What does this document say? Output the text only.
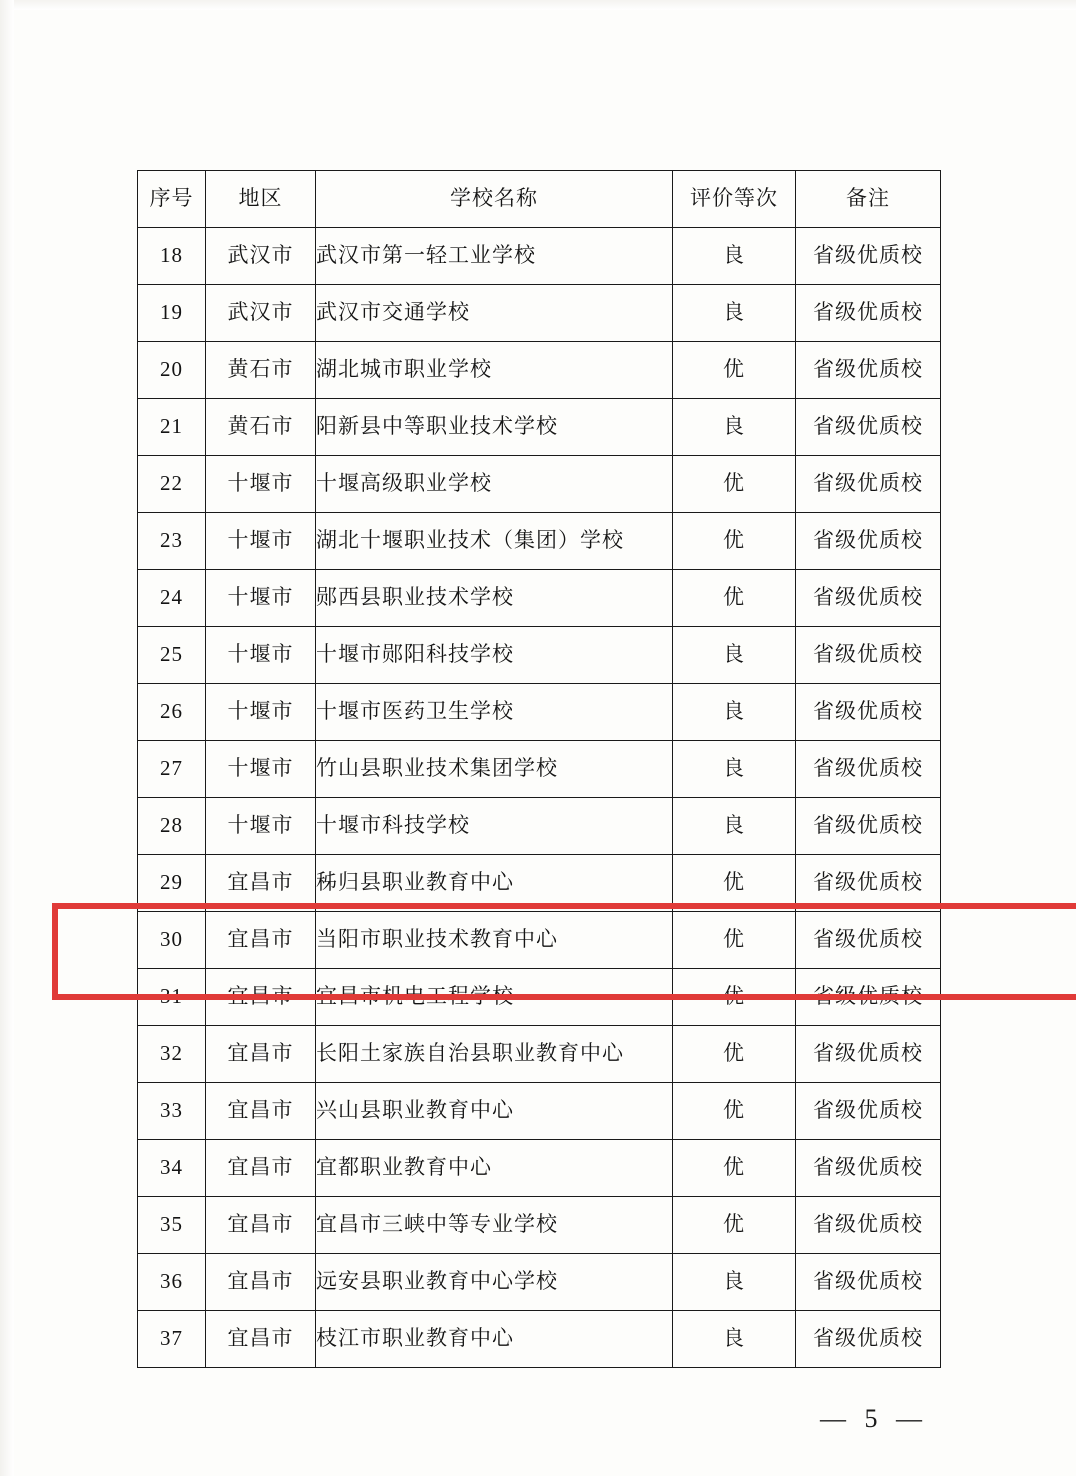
序号	地区	学校名称	评价等次	备注
18	武汉市	武汉市第一轻工业学校	良	省级优质校
19	武汉市	武汉市交通学校	良	省级优质校
20	黄石市	湖北城市职业学校	优	省级优质校
21	黄石市	阳新县中等职业技术学校	良	省级优质校
22	十堰市	十堰高级职业学校	优	省级优质校
23	十堰市	湖北十堰职业技术（集团）学校	优	省级优质校
24	十堰市	郧西县职业技术学校	优	省级优质校
25	十堰市	十堰市郧阳科技学校	良	省级优质校
26	十堰市	十堰市医药卫生学校	良	省级优质校
27	十堰市	竹山县职业技术集团学校	良	省级优质校
28	十堰市	十堰市科技学校	良	省级优质校
29	宜昌市	秭归县职业教育中心	优	省级优质校
30	宜昌市	当阳市职业技术教育中心	优	省级优质校
31	宜昌市	宜昌市机电工程学校	优	省级优质校
32	宜昌市	长阳土家族自治县职业教育中心	优	省级优质校
33	宜昌市	兴山县职业教育中心	优	省级优质校
34	宜昌市	宜都职业教育中心	优	省级优质校
35	宜昌市	宜昌市三峡中等专业学校	优	省级优质校
36	宜昌市	远安县职业教育中心学校	良	省级优质校
37	宜昌市	枝江市职业教育中心	良	省级优质校
— 5 —
